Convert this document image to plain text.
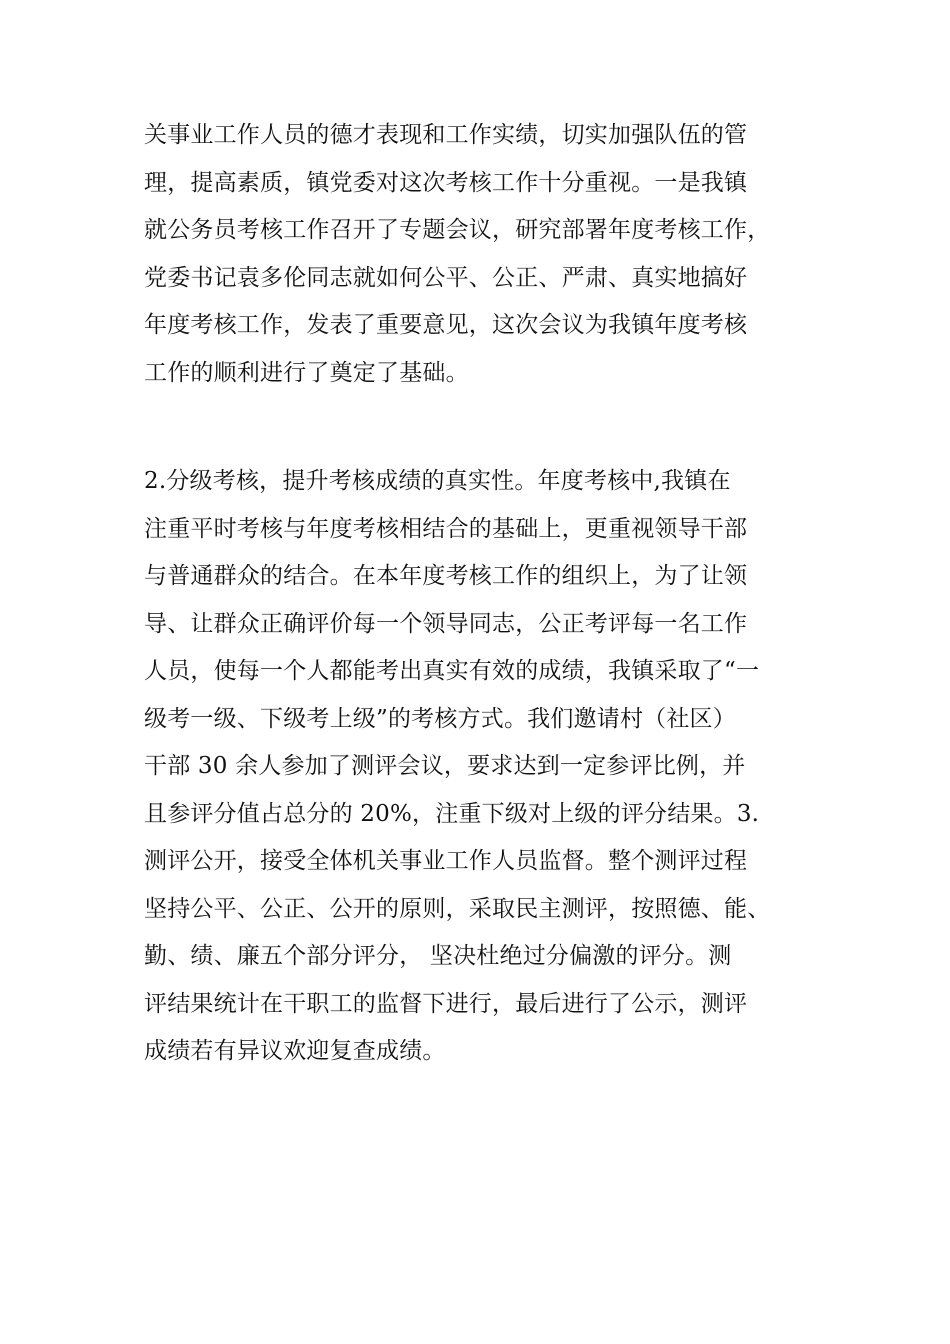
关事业工作人员的德才表现和工作实绩，切实加强队伍的管
理，提高素质，镇党委对这次考核工作十分重视。一是我镇
就公务员考核工作召开了专题会议，研究部署年度考核工作，
党委书记袁多伦同志就如何公平、公正、严肃、真实地搞好
年度考核工作，发表了重要意见，这次会议为我镇年度考核
工作的顺利进行了奠定了基础。
2.分级考核，提升考核成绩的真实性。年度考核中,我镇在
注重平时考核与年度考核相结合的基础上，更重视领导干部
与普通群众的结合。在本年度考核工作的组织上，为了让领
导、让群众正确评价每一个领导同志，公正考评每一名工作
人员，使每一个人都能考出真实有效的成绩，我镇采取了“一
级考一级、下级考上级”的考核方式。我们邀请村（社区）
干部 30 余人参加了测评会议，要求达到一定参评比例，并
且参评分值占总分的 20%，注重下级对上级的评分结果。3.
测评公开，接受全体机关事业工作人员监督。整个测评过程
坚持公平、公正、公开的原则，采取民主测评，按照德、能、
勤、绩、廉五个部分评分， 坚决杜绝过分偏激的评分。测
评结果统计在干职工的监督下进行，最后进行了公示，测评
成绩若有异议欢迎复查成绩。
